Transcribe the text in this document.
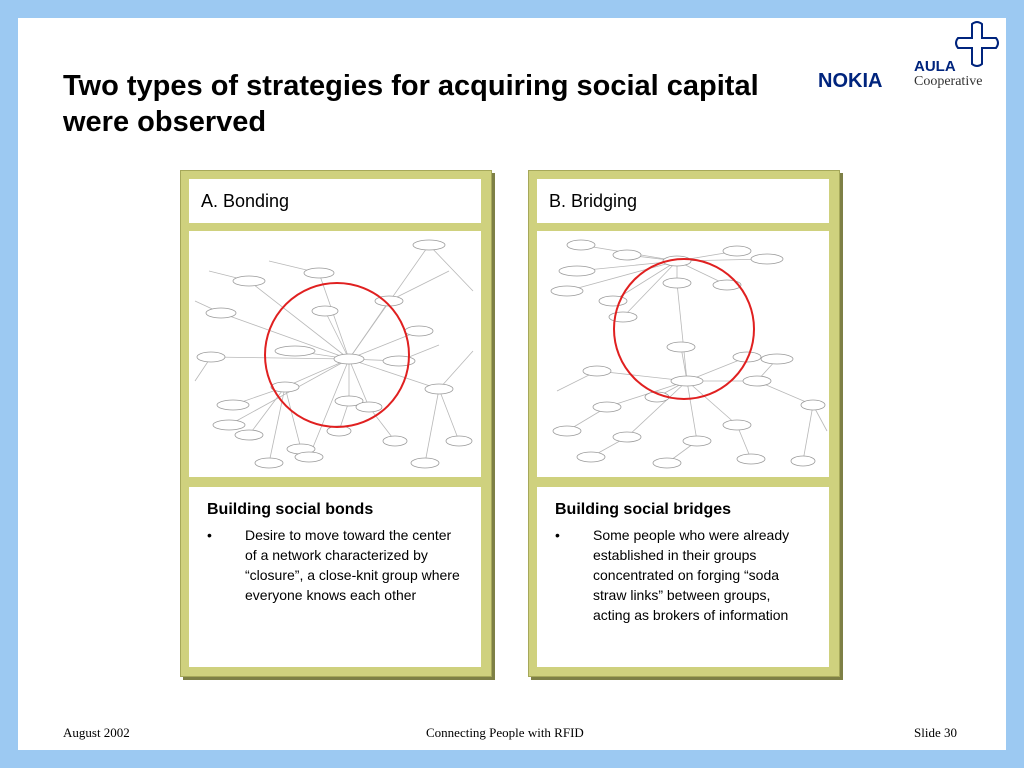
Two types of strategies for acquiring social capital were observed
NOKIA
AULA
Cooperative
A. Bonding
Building social bonds
•	Desire to move toward the center of a network characterized by “closure”, a close-knit group where everyone knows each other
B. Bridging
Building social bridges
•	Some people who were already established in their groups concentrated on forging “soda straw links” between groups, acting as brokers of information
August 2002	Connecting People with RFID	Slide 30
